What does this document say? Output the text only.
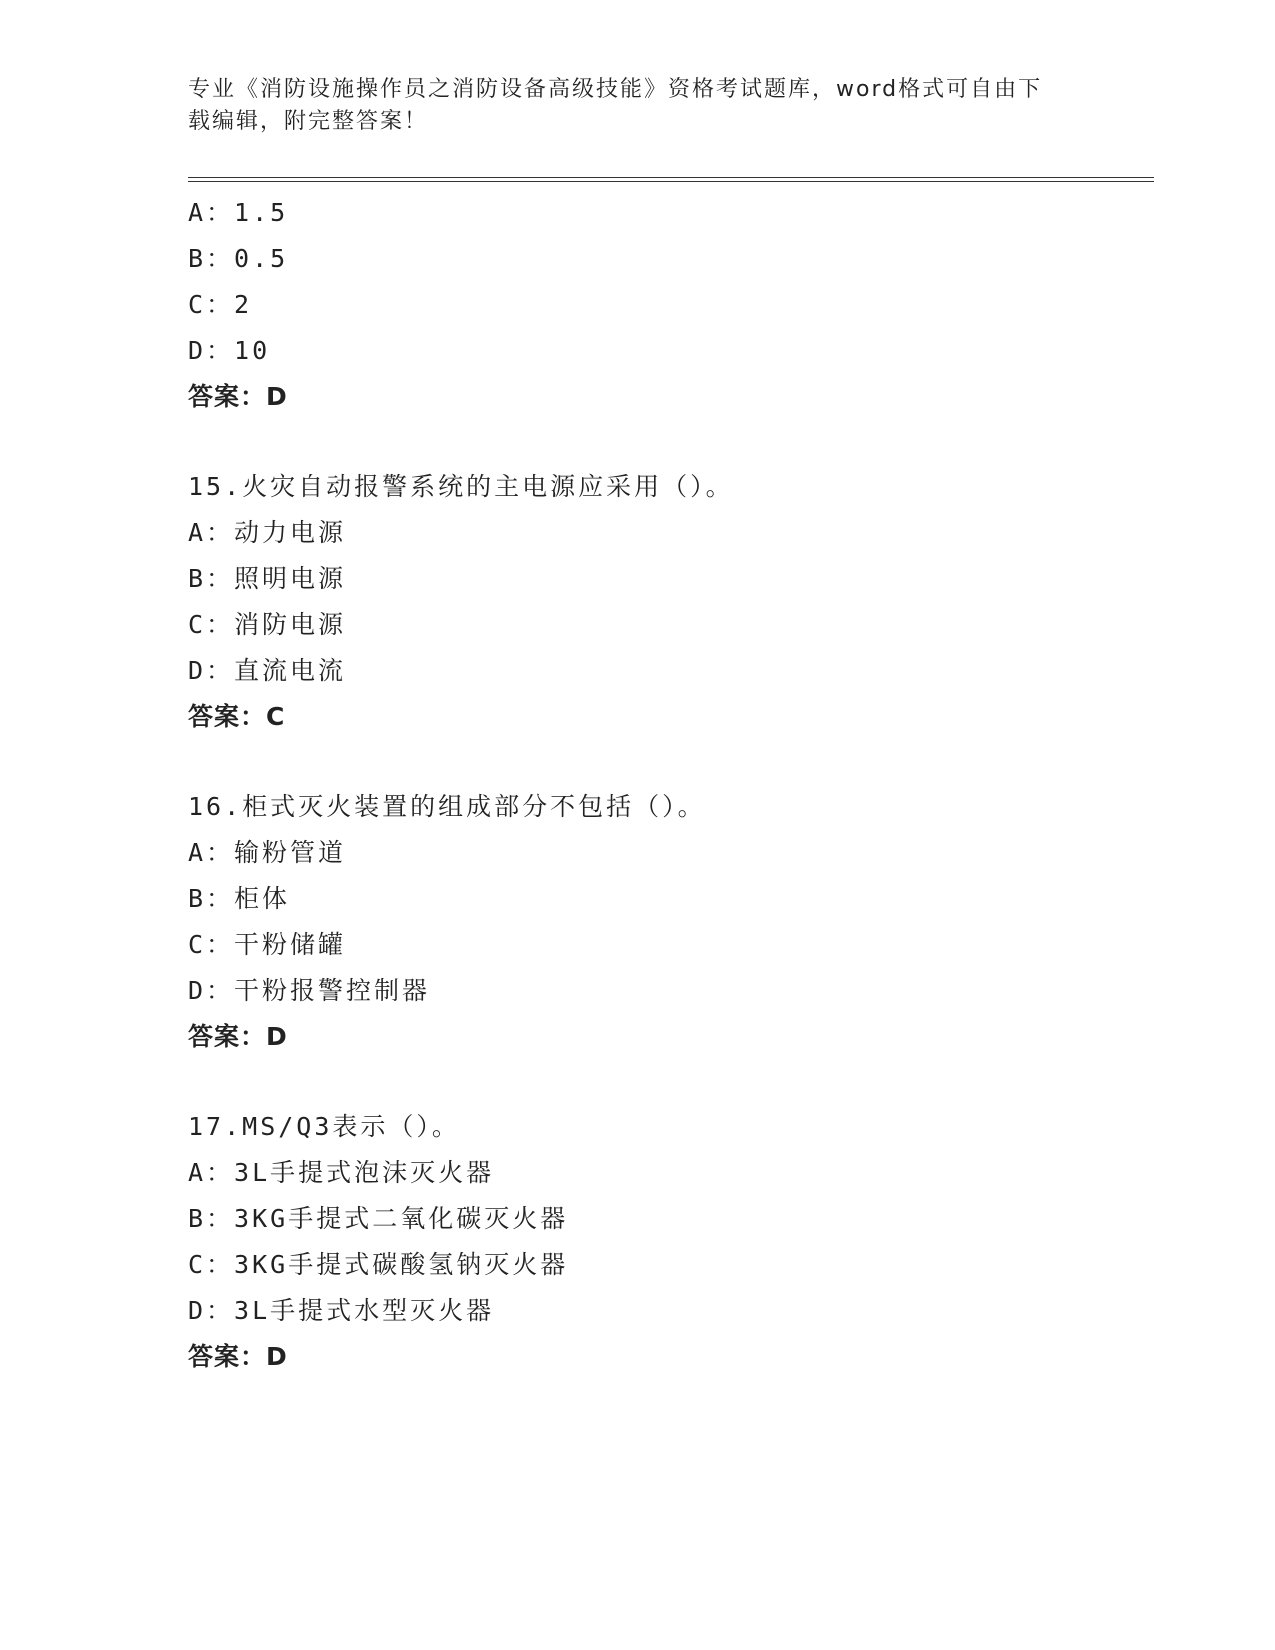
专业《消防设施操作员之消防设备高级技能》资格考试题库，word格式可自由下
载编辑，附完整答案！
A：1.5
B：0.5
C：2
D：10
答案：D
15.火灾自动报警系统的主电源应采用（）。
A：动力电源
B：照明电源
C：消防电源
D：直流电流
答案：C
16.柜式灭火装置的组成部分不包括（）。
A：输粉管道
B：柜体
C：干粉储罐
D：干粉报警控制器
答案：D
17.MS/Q3表示（）。
A：3L手提式泡沫灭火器
B：3KG手提式二氧化碳灭火器
C：3KG手提式碳酸氢钠灭火器
D：3L手提式水型灭火器
答案：D
